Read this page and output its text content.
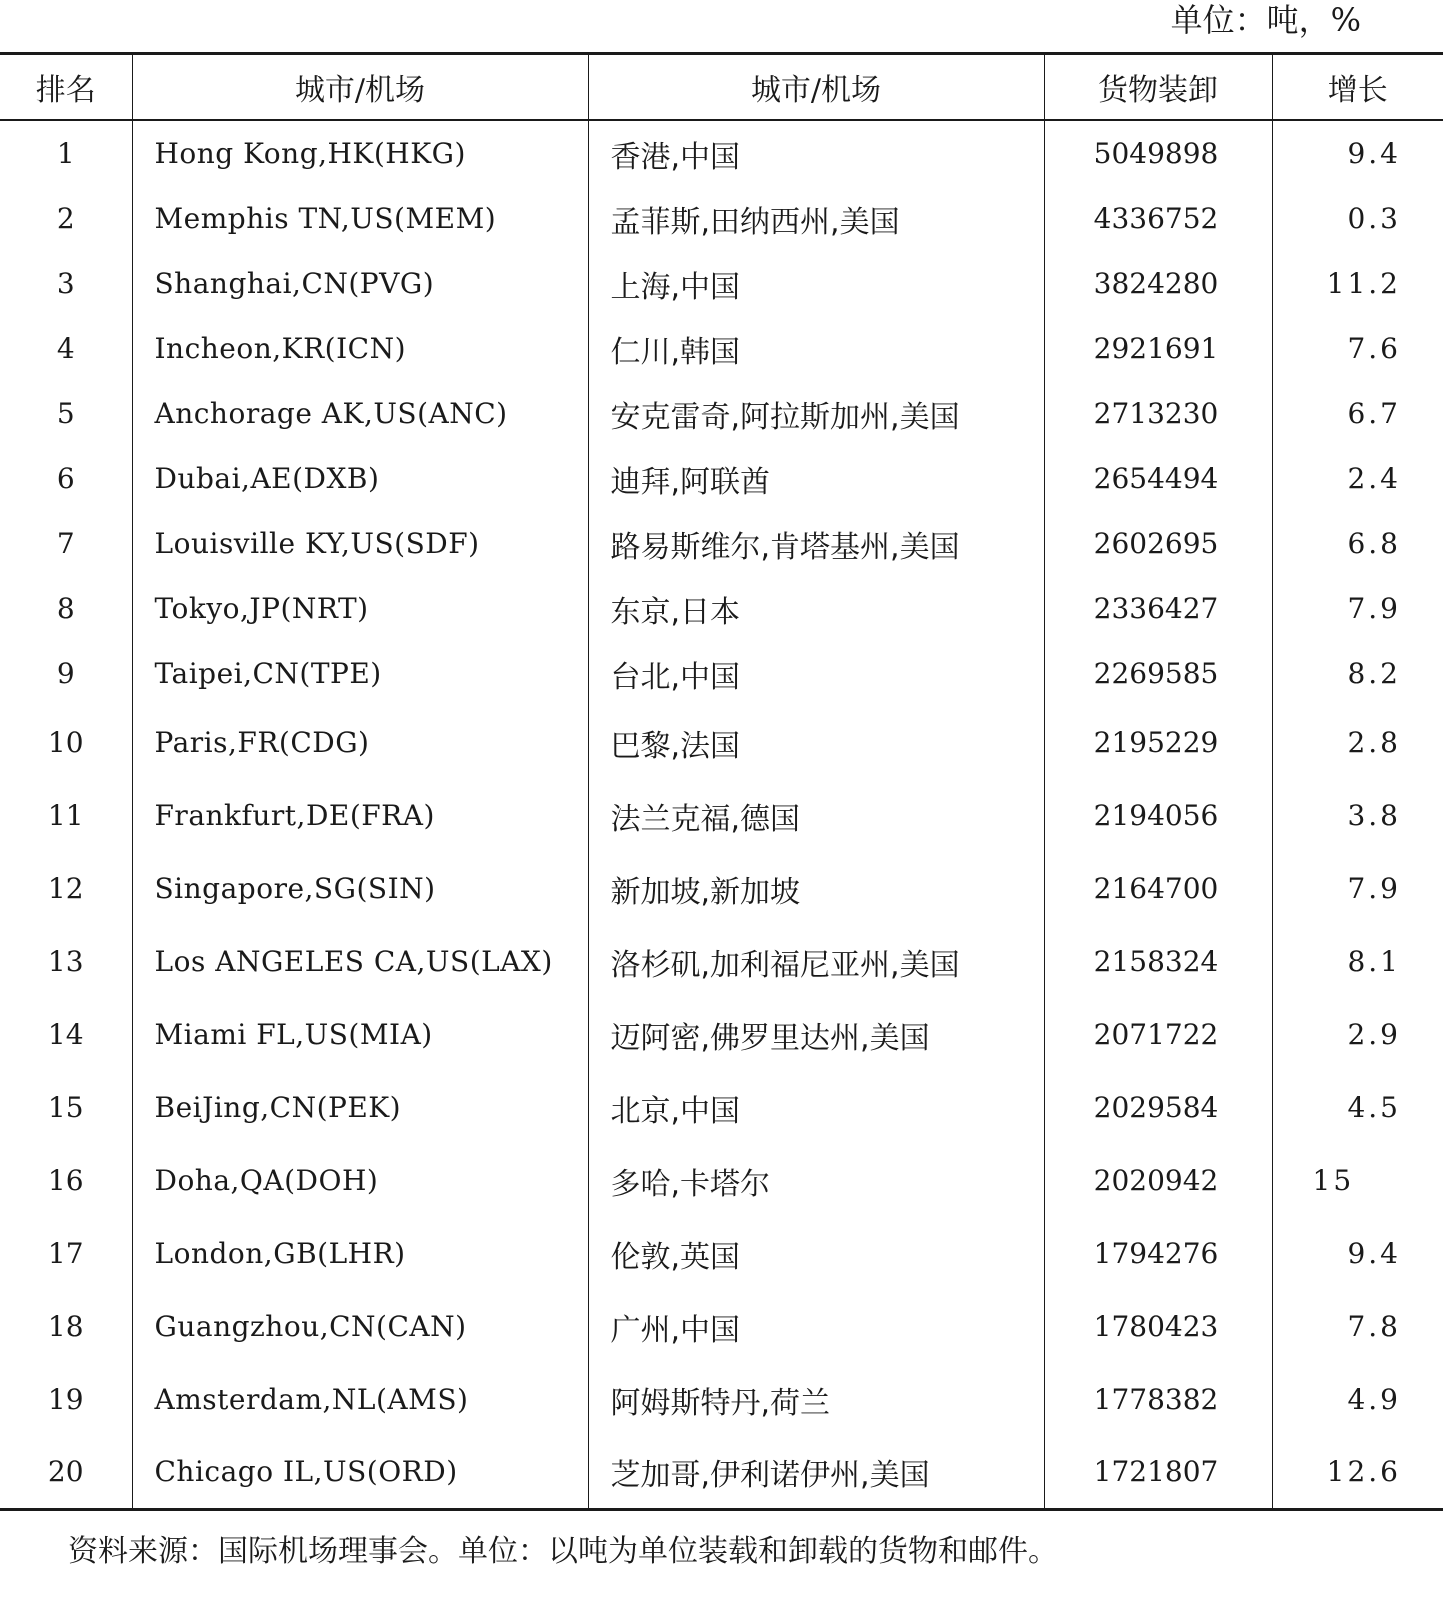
单位：吨，%
排名	城市/机场	城市/机场	货物装卸	增长
1	Hong Kong,HK(HKG)	香港,中国	5049898	9.4
2	Memphis TN,US(MEM)	孟菲斯,田纳西州,美国	4336752	0.3
3	Shanghai,CN(PVG)	上海,中国	3824280	11.2
4	Incheon,KR(ICN)	仁川,韩国	2921691	7.6
5	Anchorage AK,US(ANC)	安克雷奇,阿拉斯加州,美国	2713230	6.7
6	Dubai,AE(DXB)	迪拜,阿联酋	2654494	2.4
7	Louisville KY,US(SDF)	路易斯维尔,肯塔基州,美国	2602695	6.8
8	Tokyo,JP(NRT)	东京,日本	2336427	7.9
9	Taipei,CN(TPE)	台北,中国	2269585	8.2
10	Paris,FR(CDG)	巴黎,法国	2195229	2.8
11	Frankfurt,DE(FRA)	法兰克福,德国	2194056	3.8
12	Singapore,SG(SIN)	新加坡,新加坡	2164700	7.9
13	Los ANGELES CA,US(LAX)	洛杉矶,加利福尼亚州,美国	2158324	8.1
14	Miami FL,US(MIA)	迈阿密,佛罗里达州,美国	2071722	2.9
15	BeiJing,CN(PEK)	北京,中国	2029584	4.5
16	Doha,QA(DOH)	多哈,卡塔尔	2020942	15
17	London,GB(LHR)	伦敦,英国	1794276	9.4
18	Guangzhou,CN(CAN)	广州,中国	1780423	7.8
19	Amsterdam,NL(AMS)	阿姆斯特丹,荷兰	1778382	4.9
20	Chicago IL,US(ORD)	芝加哥,伊利诺伊州,美国	1721807	12.6
资料来源：国际机场理事会。单位：以吨为单位装载和卸载的货物和邮件。
